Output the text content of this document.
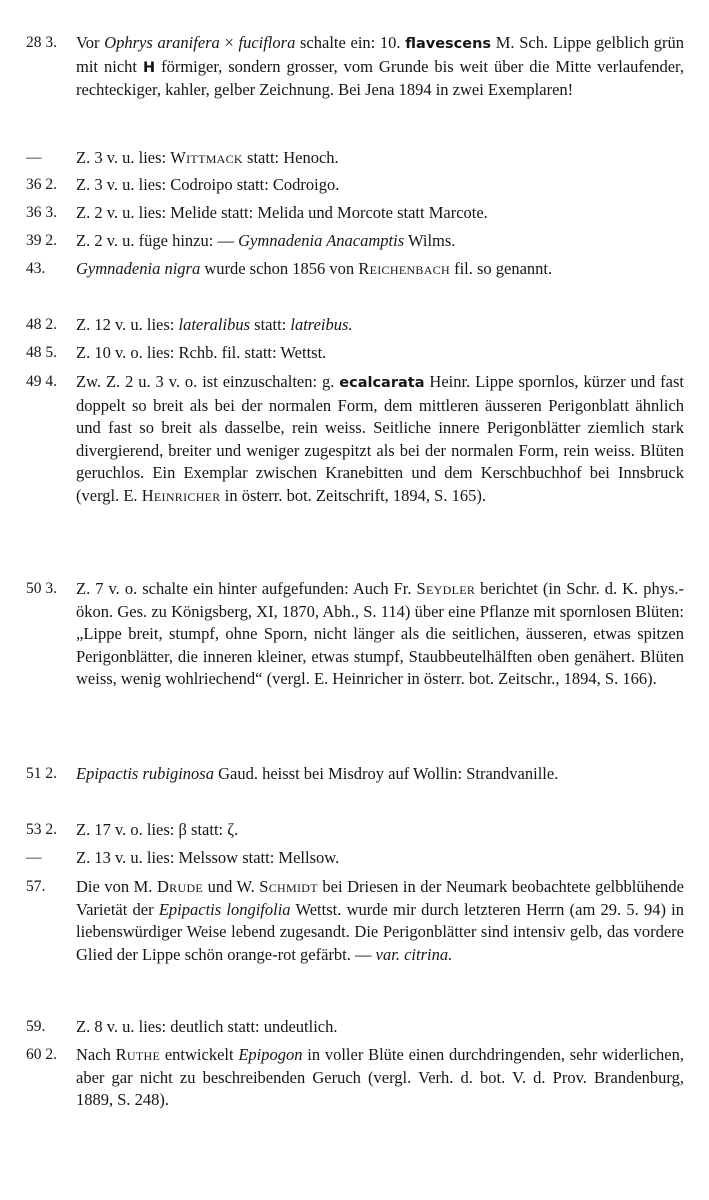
28 3.	Vor Ophrys aranifera × fuciflora schalte ein: 10. flavescens M. Sch. Lippe gelblich grün mit nicht H förmiger, sondern grosser, vom Grunde bis weit über die Mitte verlaufender, rechteckiger, kahler, gelber Zeichnung. Bei Jena 1894 in zwei Exemplaren!
—	Z. 3 v. u. lies: Wittmack statt: Henoch.
36 2.	Z. 3 v. u. lies: Codroipo statt: Codroigo.
36 3.	Z. 2 v. u. lies: Melide statt: Melida und Morcote statt Marcote.
39 2.	Z. 2 v. u. füge hinzu: — Gymnadenia Anacamptis Wilms.
43.	Gymnadenia nigra wurde schon 1856 von Reichenbach fil. so genannt.
48 2.	Z. 12 v. u. lies: lateralibus statt: latreibus.
48 5.	Z. 10 v. o. lies: Rchb. fil. statt: Wettst.
49 4.	Zw. Z. 2 u. 3 v. o. ist einzuschalten: g. ecalcarata Heinr. Lippe spornlos, kürzer und fast doppelt so breit als bei der normalen Form, dem mittleren äusseren Perigonblatt ähnlich und fast so breit als dasselbe, rein weiss. Seitliche innere Perigonblätter ziemlich stark divergierend, breiter und weniger zugespitzt als bei der normalen Form, rein weiss. Blüten geruchlos. Ein Exemplar zwischen Kranebitten und dem Kerschbuchhof bei Innsbruck (vergl. E. Heinricher in österr. bot. Zeitschrift, 1894, S. 165).
50 3.	Z. 7 v. o. schalte ein hinter aufgefunden: Auch Fr. Seydler berichtet (in Schr. d. K. phys.-ökon. Ges. zu Königsberg, XI, 1870, Abh., S. 114) über eine Pflanze mit spornlosen Blüten: „Lippe breit, stumpf, ohne Sporn, nicht länger als die seitlichen, äusseren, etwas spitzen Perigonblätter, die inneren kleiner, etwas stumpf, Staubbeutelhälften oben genähert. Blüten weiss, wenig wohlriechend“ (vergl. E. Heinricher in österr. bot. Zeitschr., 1894, S. 166).
51 2.	Epipactis rubiginosa Gaud. heisst bei Misdroy auf Wollin: Strandvanille.
53 2.	Z. 17 v. o. lies: β statt: ζ.
—	Z. 13 v. u. lies: Melssow statt: Mellsow.
57.	Die von M. Drude und W. Schmidt bei Driesen in der Neumark beobachtete gelbblühende Varietät der Epipactis longifolia Wettst. wurde mir durch letzteren Herrn (am 29. 5. 94) in liebenswürdiger Weise lebend zugesandt. Die Perigonblätter sind intensiv gelb, das vordere Glied der Lippe schön orange-rot gefärbt. — var. citrina.
59.	Z. 8 v. u. lies: deutlich statt: undeutlich.
60 2.	Nach Ruthe entwickelt Epipogon in voller Blüte einen durchdringenden, sehr widerlichen, aber gar nicht zu beschreibenden Geruch (vergl. Verh. d. bot. V. d. Prov. Brandenburg, 1889, S. 248).
